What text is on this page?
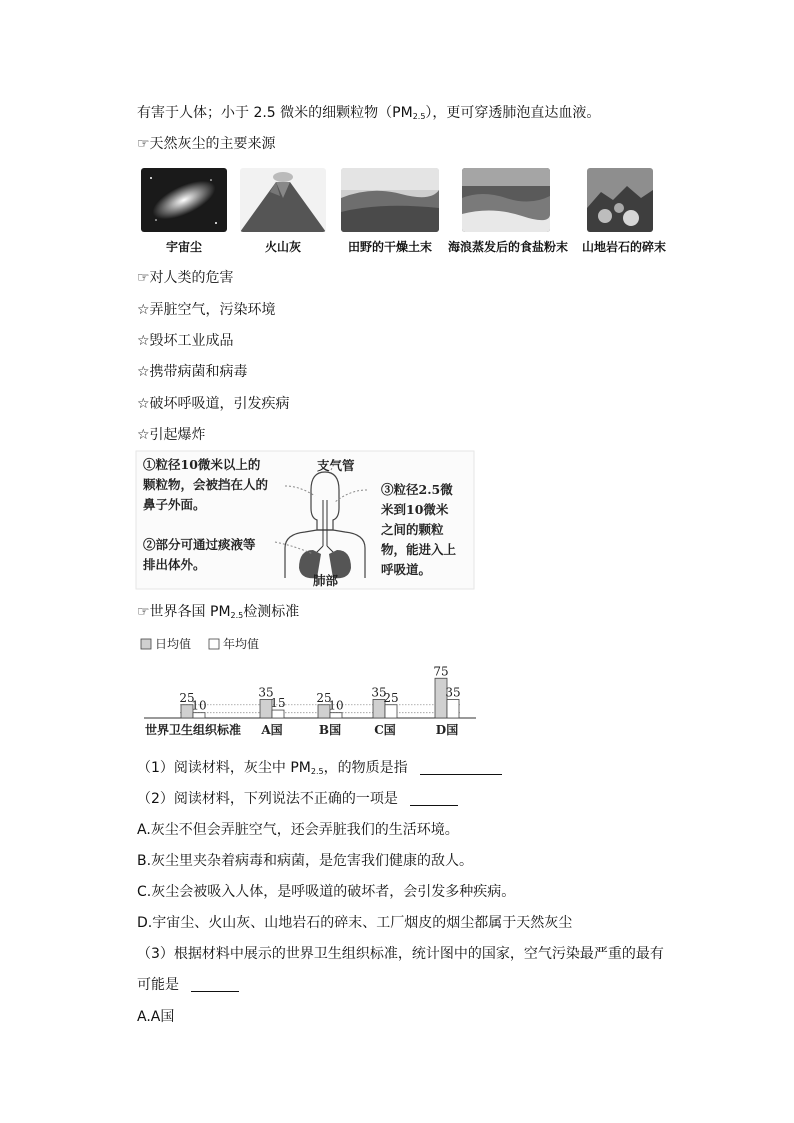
有害于人体；小于 2.5 微米的细颗粒物$(PM_{2.5})$，更可穿透肺泡直达血液。
☞天然灰尘的主要来源
宇宙尘	火山灰	田野的干燥土末	海浪蒸发后的食盐粉末	山地岩石的碎末
☞对人类的危害
☆弄脏空气，污染环境
☆毁坏工业成品
☆携带病菌和病毒
☆破坏呼吸道，引发疾病
☆引起爆炸
①粒径10微米以上的
颗粒物，会被挡在人的
鼻子外面。
②部分可通过痰液等
排出体外。
③粒径2.5微
米到10微米
之间的颗粒
物，能进入上
呼吸道。
支气管
肺部
☞世界各国 $PM_{2.5}$检测标准
日均值	年均值
25
10
世界卫生组织标准
35
15
A国
25
10
B国
35
25
C国
75
35
D国
（1）阅读材料，灰尘中 $PM_{2.5}$，的物质是指
（2）阅读材料，下列说法不正确的一项是
A.灰尘不但会弄脏空气，还会弄脏我们的生活环境。
B.灰尘里夹杂着病毒和病菌，是危害我们健康的敌人。
C.灰尘会被吸入人体，是呼吸道的破坏者，会引发多种疾病。
D.宇宙尘、火山灰、山地岩石的碎末、工厂烟皮的烟尘都属于天然灰尘
（3）根据材料中展示的世界卫生组织标准，统计图中的国家，空气污染最严重的最有
可能是
A.A国
